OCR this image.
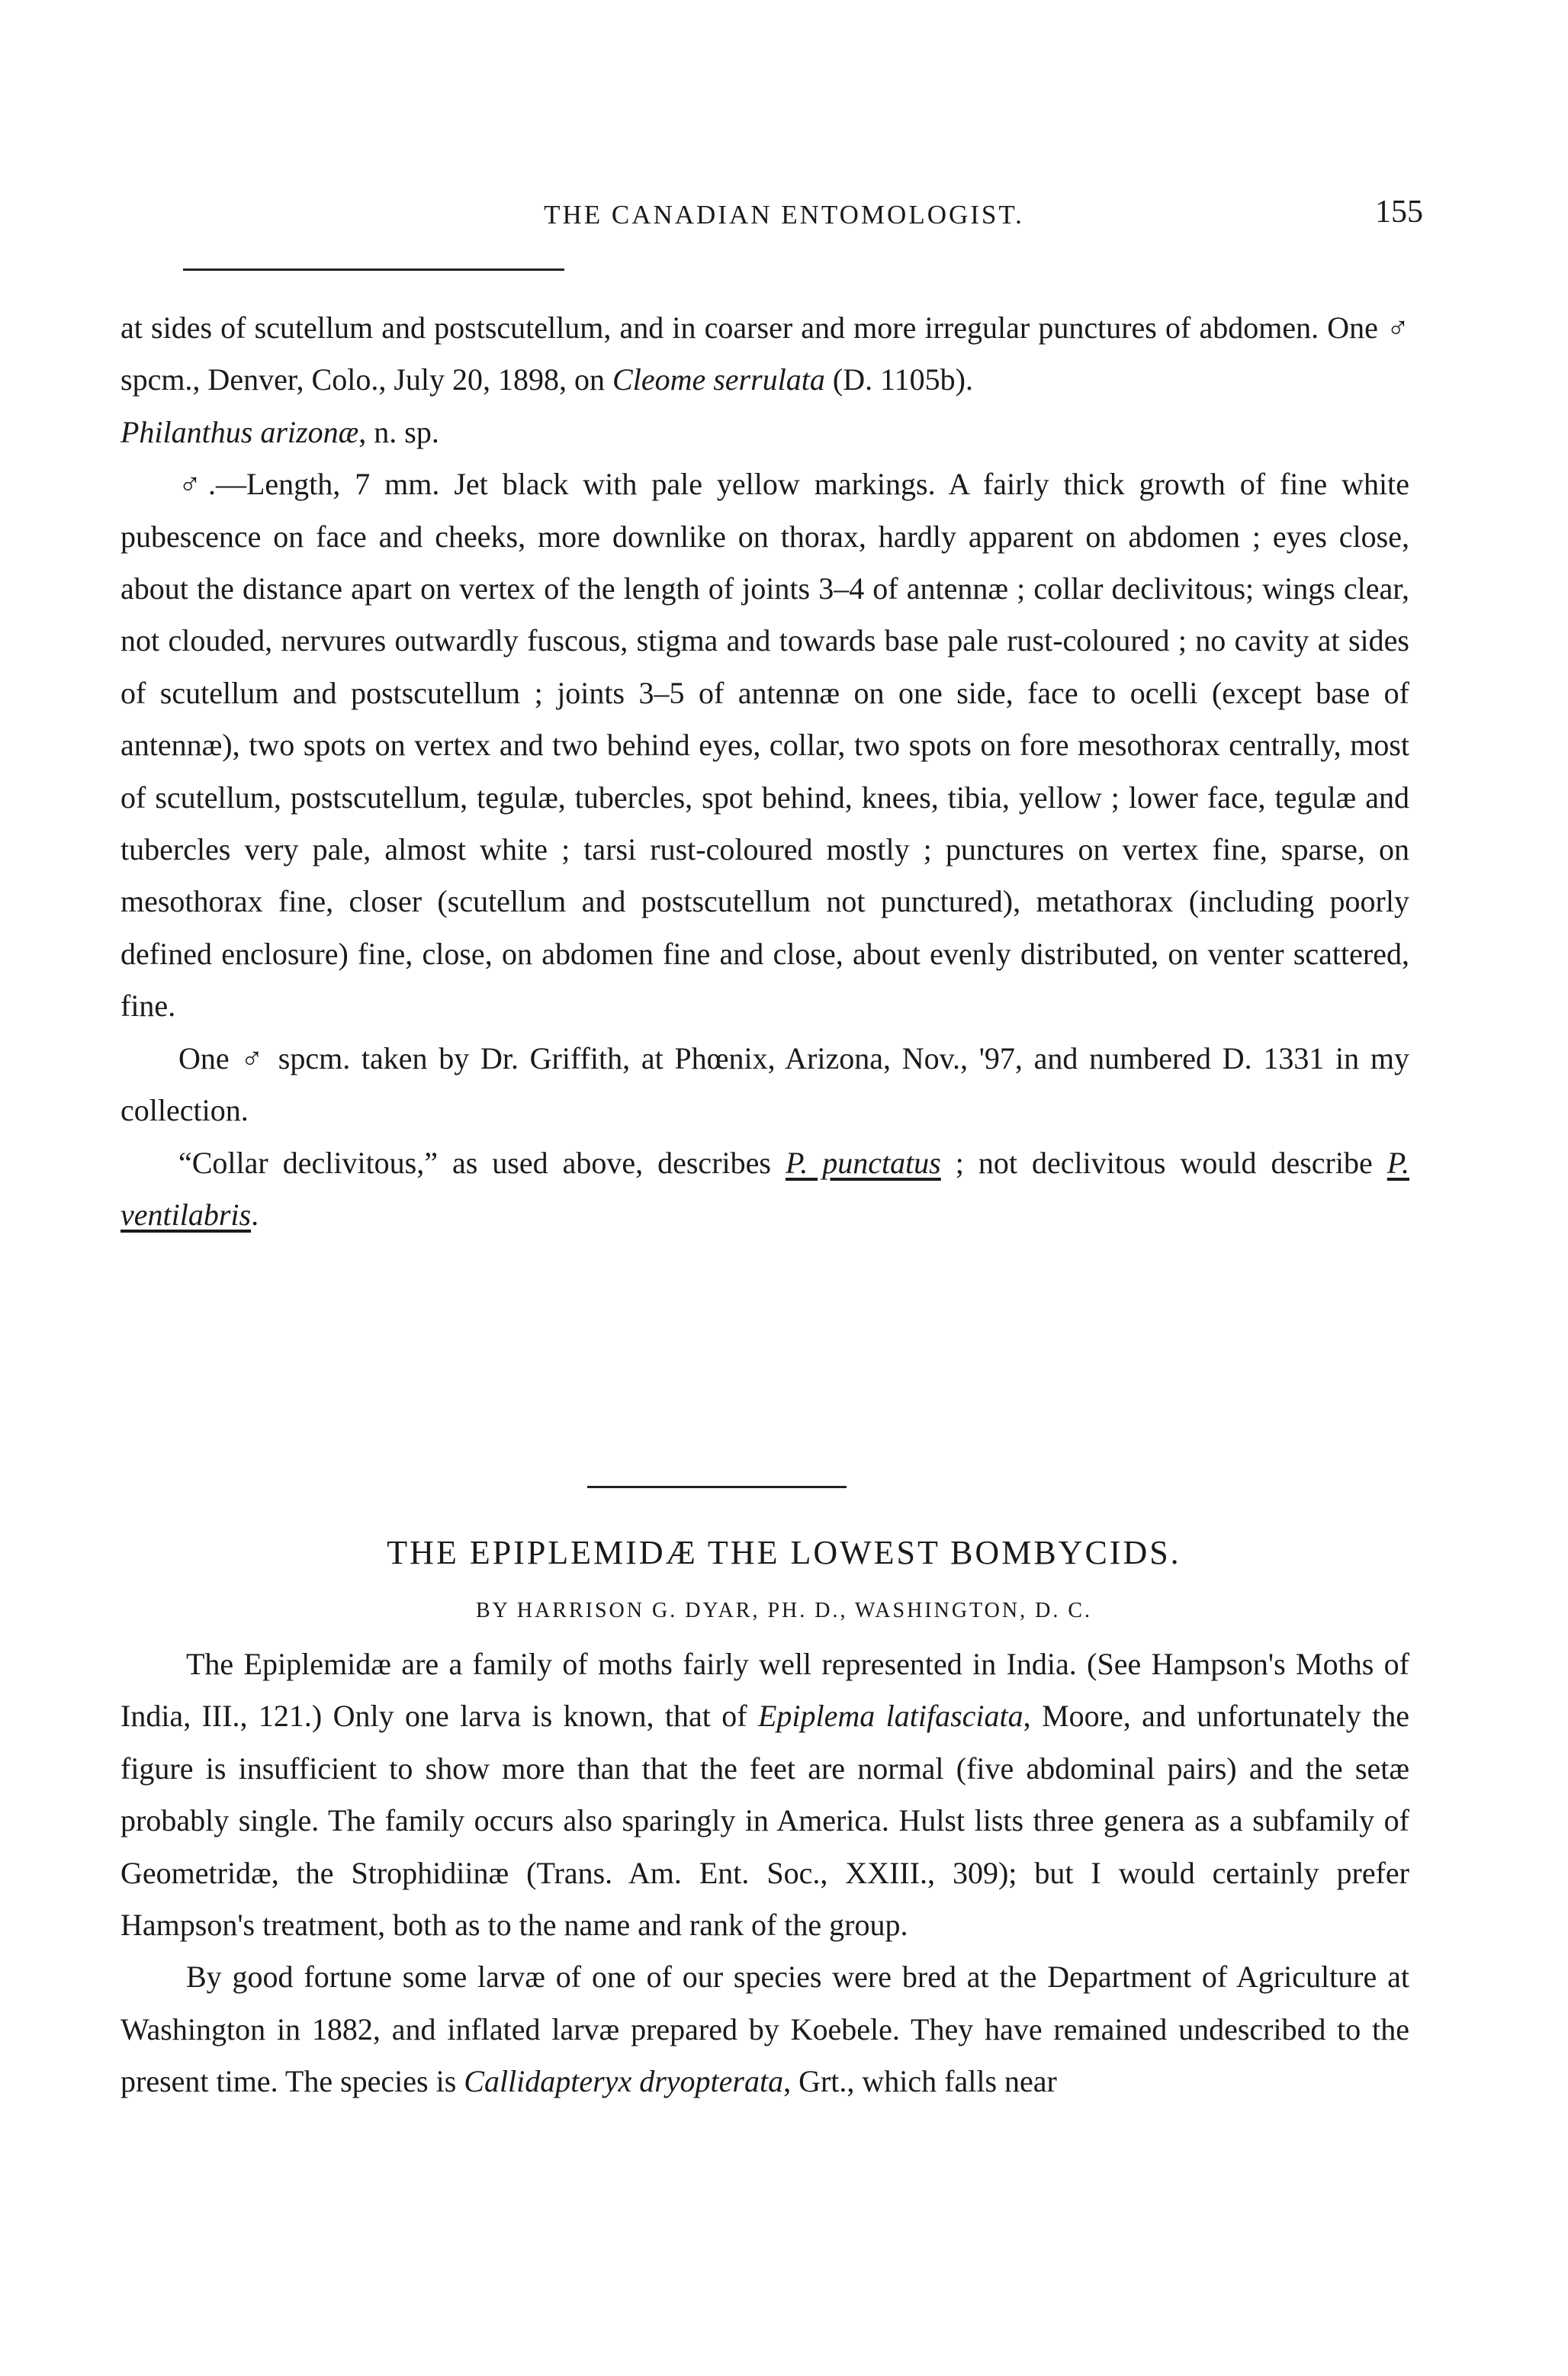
THE CANADIAN ENTOMOLOGIST.	155

at sides of scutellum and postscutellum, and in coarser and more irregular punctures of abdomen. One ♂ spcm., Denver, Colo., July 20, 1898, on Cleome serrulata (D. 1105b).

Philanthus arizonæ, n. sp.

♂.—Length, 7 mm. Jet black with pale yellow markings. A fairly thick growth of fine white pubescence on face and cheeks, more downlike on thorax, hardly apparent on abdomen ; eyes close, about the distance apart on vertex of the length of joints 3–4 of antennæ ; collar declivitous; wings clear, not clouded, nervures outwardly fuscous, stigma and towards base pale rust-coloured ; no cavity at sides of scutellum and postscutellum ; joints 3–5 of antennæ on one side, face to ocelli (except base of antennæ), two spots on vertex and two behind eyes, collar, two spots on fore mesothorax centrally, most of scutellum, postscutellum, tegulæ, tubercles, spot behind, knees, tibia, yellow ; lower face, tegulæ and tubercles very pale, almost white ; tarsi rust-coloured mostly ; punctures on vertex fine, sparse, on mesothorax fine, closer (scutellum and postscutellum not punctured), metathorax (including poorly defined enclosure) fine, close, on abdomen fine and close, about evenly distributed, on venter scattered, fine.

One ♂ spcm. taken by Dr. Griffith, at Phœnix, Arizona, Nov., '97, and numbered D. 1331 in my collection.

“Collar declivitous,” as used above, describes P. punctatus ; not declivitous would describe P. ventilabris.

THE EPIPLEMIDÆ THE LOWEST BOMBYCIDS.
BY HARRISON G. DYAR, PH. D., WASHINGTON, D. C.

The Epiplemidæ are a family of moths fairly well represented in India. (See Hampson's Moths of India, III., 121.) Only one larva is known, that of Epiplema latifasciata, Moore, and unfortunately the figure is insufficient to show more than that the feet are normal (five abdominal pairs) and the setæ probably single. The family occurs also sparingly in America. Hulst lists three genera as a subfamily of Geometridæ, the Strophidiinæ (Trans. Am. Ent. Soc., XXIII., 309); but I would certainly prefer Hampson's treatment, both as to the name and rank of the group.

By good fortune some larvæ of one of our species were bred at the Department of Agriculture at Washington in 1882, and inflated larvæ prepared by Koebele. They have remained undescribed to the present time. The species is Callidapteryx dryopterata, Grt., which falls near
